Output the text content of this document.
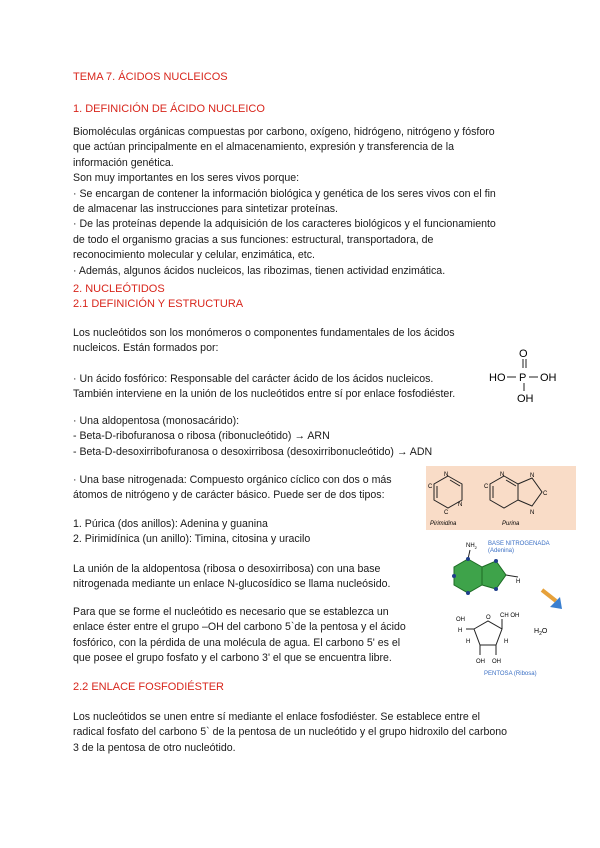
TEMA 7. ÁCIDOS NUCLEICOS

1. DEFINICIÓN DE ÁCIDO NUCLEICO

Biomoléculas orgánicas compuestas por carbono, oxígeno, hidrógeno, nitrógeno y fósforo
que actúan principalmente en el almacenamiento, expresión y transferencia de la
información genética.
Son muy importantes en los seres vivos porque:
· Se encargan de contener la información biológica y genética de los seres vivos con el fin
de almacenar las instrucciones para sintetizar proteínas.
· De las proteínas depende la adquisición de los caracteres biológicos y el funcionamiento
de todo el organismo gracias a sus funciones: estructural, transportadora, de
reconocimiento molecular y celular, enzimática, etc.
· Además, algunos ácidos nucleicos, las ribozimas, tienen actividad enzimática.

2. NUCLEÓTIDOS

2.1 DEFINICIÓN Y ESTRUCTURA

Los nucleótidos son los monómeros o componentes fundamentales de los ácidos
nucleicos. Están formados por:

· Un ácido fosfórico: Responsable del carácter ácido de los ácidos nucleicos.
También interviene en la unión de los nucleótidos entre sí por enlace fosfodiéster.

· Una aldopentosa (monosacárido):
- Beta-D-ribofuranosa o ribosa (ribonucleótido) → ARN
- Beta-D-desoxirribofuranosa o desoxirribosa (desoxirribonucleótido) → ADN

· Una base nitrogenada: Compuesto orgánico cíclico con dos o más
átomos de nitrógeno y de carácter básico. Puede ser de dos tipos:

1. Púrica (dos anillos): Adenina y guanina
2. Pirimidínica (un anillo): Timina, citosina y uracilo

La unión de la aldopentosa (ribosa o desoxirribosa) con una base
nitrogenada mediante un enlace N-glucosídico se llama nucleósido.

Para que se forme el nucleótido es necesario que se establezca un
enlace éster entre el grupo –OH del carbono 5`de la pentosa y el ácido
fosfórico, con la pérdida de una molécula de agua. El carbono 5' es el
que posee el grupo fosfato y el carbono 3' el que se encuentra libre.

2.2 ENLACE FOSFODIÉSTER

Los nucleótidos se unen entre sí mediante el enlace fosfodiéster. Se establece entre el
radical fosfato del carbono 5` de la pentosa de un nucleótido y el grupo hidroxilo del carbono
3 de la pentosa de otro nucleótido.

HO P
O
OH
OH
N
N
C
C
Pirimidina
N	N
C
N
C
Purina
BASE NITROGENADA
(Adenina)
$NH_2$
H
$H_2O$
O CH OH
OH
H
OH OH
H	H
PENTOSA (Ribosa)
